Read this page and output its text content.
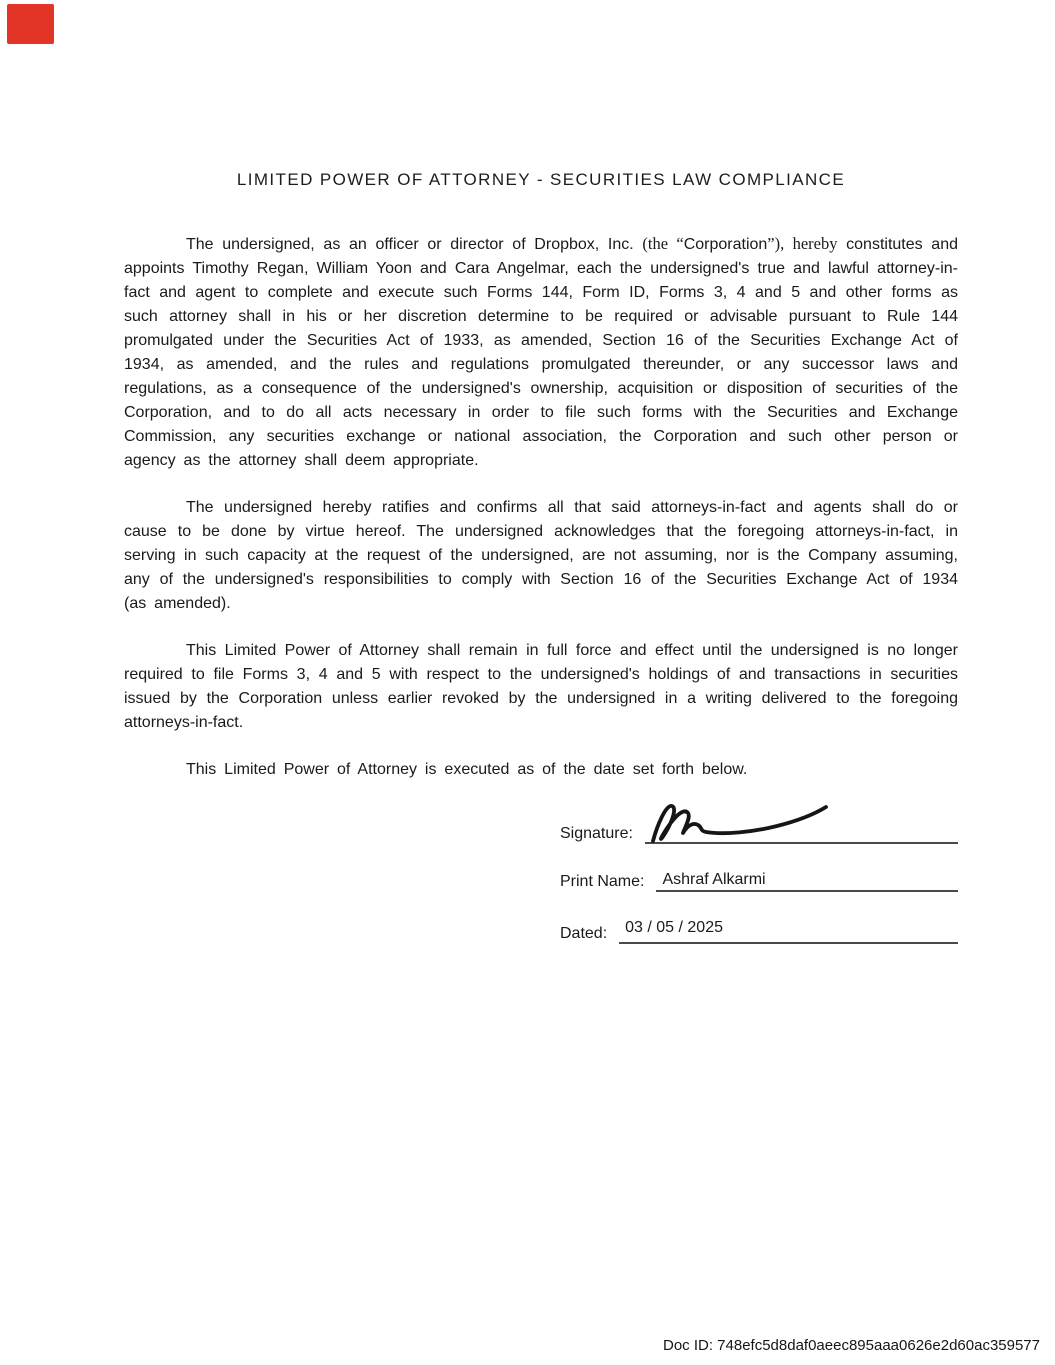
LIMITED POWER OF ATTORNEY - SECURITIES LAW COMPLIANCE

The undersigned, as an officer or director of Dropbox, Inc. (the “Corporation”), hereby constitutes and appoints Timothy Regan, William Yoon and Cara Angelmar, each the undersigned's true and lawful attorney-in-fact and agent to complete and execute such Forms 144, Form ID, Forms 3, 4 and 5 and other forms as such attorney shall in his or her discretion determine to be required or advisable pursuant to Rule 144 promulgated under the Securities Act of 1933, as amended, Section 16 of the Securities Exchange Act of 1934, as amended, and the rules and regulations promulgated thereunder, or any successor laws and regulations, as a consequence of the undersigned's ownership, acquisition or disposition of securities of the Corporation, and to do all acts necessary in order to file such forms with the Securities and Exchange Commission, any securities exchange or national association, the Corporation and such other person or agency as the attorney shall deem appropriate.

The undersigned hereby ratifies and confirms all that said attorneys-in-fact and agents shall do or cause to be done by virtue hereof. The undersigned acknowledges that the foregoing attorneys-in-fact, in serving in such capacity at the request of the undersigned, are not assuming, nor is the Company assuming, any of the undersigned's responsibilities to comply with Section 16 of the Securities Exchange Act of 1934 (as amended).

This Limited Power of Attorney shall remain in full force and effect until the undersigned is no longer required to file Forms 3, 4 and 5 with respect to the undersigned's holdings of and transactions in securities issued by the Corporation unless earlier revoked by the undersigned in a writing delivered to the foregoing attorneys-in-fact.

This Limited Power of Attorney is executed as of the date set forth below.

Signature:
Print Name:	Ashraf Alkarmi
Dated:	03 / 05 / 2025
Doc ID: 748efc5d8daf0aeec895aaa0626e2d60ac359577
